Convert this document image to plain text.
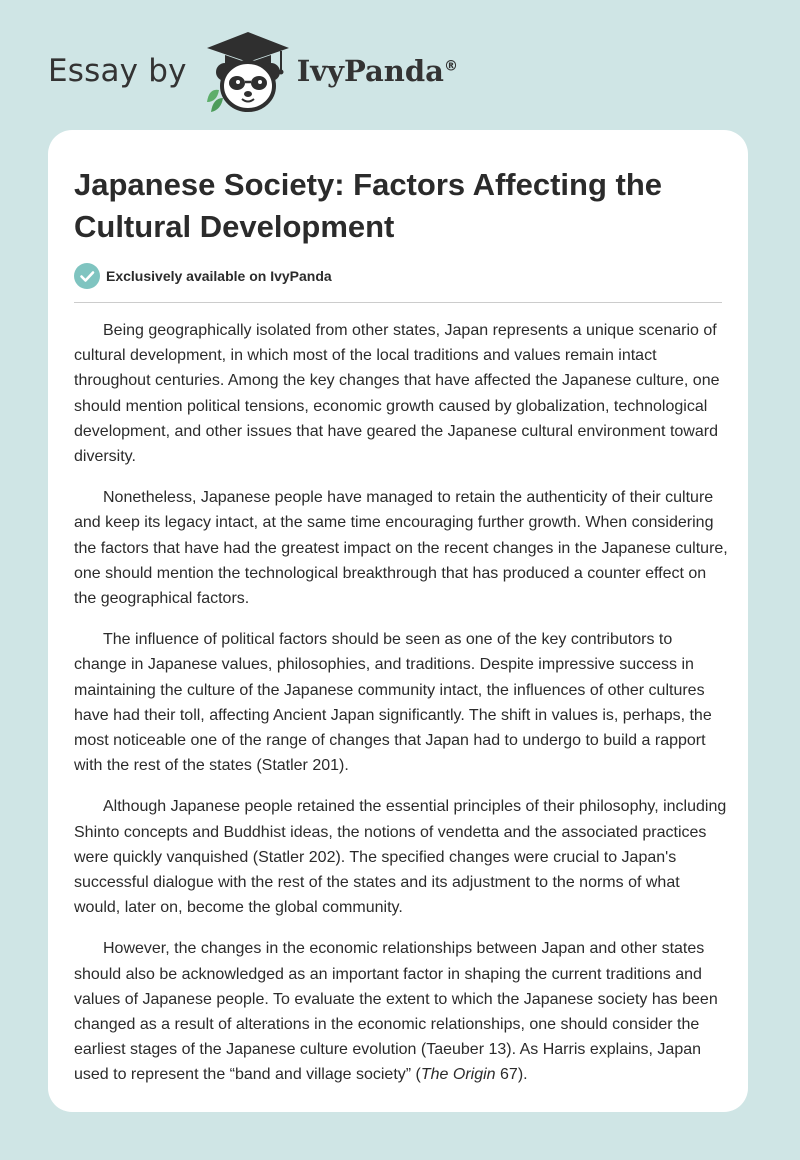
Essay by	IvyPanda®
Japanese Society: Factors Affecting the Cultural Development
Exclusively available on IvyPanda

Being geographically isolated from other states, Japan represents a unique scenario of cultural development, in which most of the local traditions and values remain intact throughout centuries. Among the key changes that have affected the Japanese culture, one should mention political tensions, economic growth caused by globalization, technological development, and other issues that have geared the Japanese cultural environment toward diversity.

Nonetheless, Japanese people have managed to retain the authenticity of their culture and keep its legacy intact, at the same time encouraging further growth. When considering the factors that have had the greatest impact on the recent changes in the Japanese culture, one should mention the technological breakthrough that has produced a counter effect on the geographical factors.

The influence of political factors should be seen as one of the key contributors to change in Japanese values, philosophies, and traditions. Despite impressive success in maintaining the culture of the Japanese community intact, the influences of other cultures have had their toll, affecting Ancient Japan significantly. The shift in values is, perhaps, the most noticeable one of the range of changes that Japan had to undergo to build a rapport with the rest of the states (Statler 201).

Although Japanese people retained the essential principles of their philosophy, including Shinto concepts and Buddhist ideas, the notions of vendetta and the associated practices were quickly vanquished (Statler 202). The specified changes were crucial to Japan's successful dialogue with the rest of the states and its adjustment to the norms of what would, later on, become the global community.

However, the changes in the economic relationships between Japan and other states should also be acknowledged as an important factor in shaping the current traditions and values of Japanese people. To evaluate the extent to which the Japanese society has been changed as a result of alterations in the economic relationships, one should consider the earliest stages of the Japanese culture evolution (Taeuber 13). As Harris explains, Japan used to represent the “band and village society” (The Origin 67).
